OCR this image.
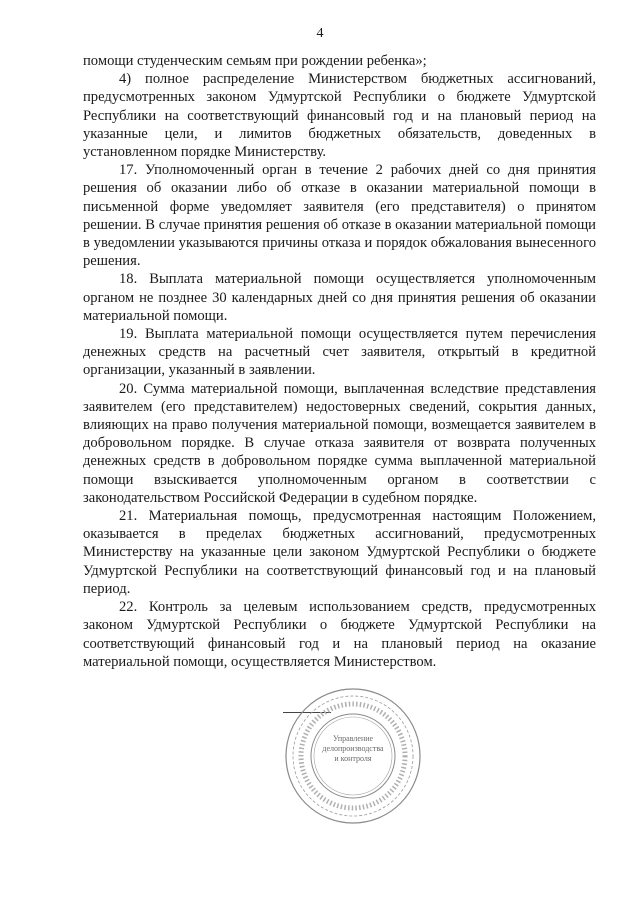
4

помощи студенческим семьям при рождении ребенка»;

4) полное распределение Министерством бюджетных ассигнований, предусмотренных законом Удмуртской Республики о бюджете Удмуртской Республики на соответствующий финансовый год и на плановый период на указанные цели, и лимитов бюджетных обязательств, доведенных в установленном порядке Министерству.

17. Уполномоченный орган в течение 2 рабочих дней со дня принятия решения об оказании либо об отказе в оказании материальной помощи в письменной форме уведомляет заявителя (его представителя) о принятом решении. В случае принятия решения об отказе в оказании материальной помощи в уведомлении указываются причины отказа и порядок обжалования вынесенного решения.

18. Выплата материальной помощи осуществляется уполномоченным органом не позднее 30 календарных дней со дня принятия решения об оказании материальной помощи.

19. Выплата материальной помощи осуществляется путем перечисления денежных средств на расчетный счет заявителя, открытый в кредитной организации, указанный в заявлении.

20. Сумма материальной помощи, выплаченная вследствие представления заявителем (его представителем) недостоверных сведений, сокрытия данных, влияющих на право получения материальной помощи, возмещается заявителем в добровольном порядке. В случае отказа заявителя от возврата полученных денежных средств в добровольном порядке сумма выплаченной материальной помощи взыскивается уполномоченным органом в соответствии с законодательством Российской Федерации в судебном порядке.

21. Материальная помощь, предусмотренная настоящим Положением, оказывается в пределах бюджетных ассигнований, предусмотренных Министерству на указанные цели законом Удмуртской Республики о бюджете Удмуртской Республики на соответствующий финансовый год и на плановый период.

22. Контроль за целевым использованием средств, предусмотренных законом Удмуртской Республики о бюджете Удмуртской Республики на соответствующий финансовый год и на плановый период на оказание материальной помощи, осуществляется Министерством.

Управление
делопроизводства
и контроля
